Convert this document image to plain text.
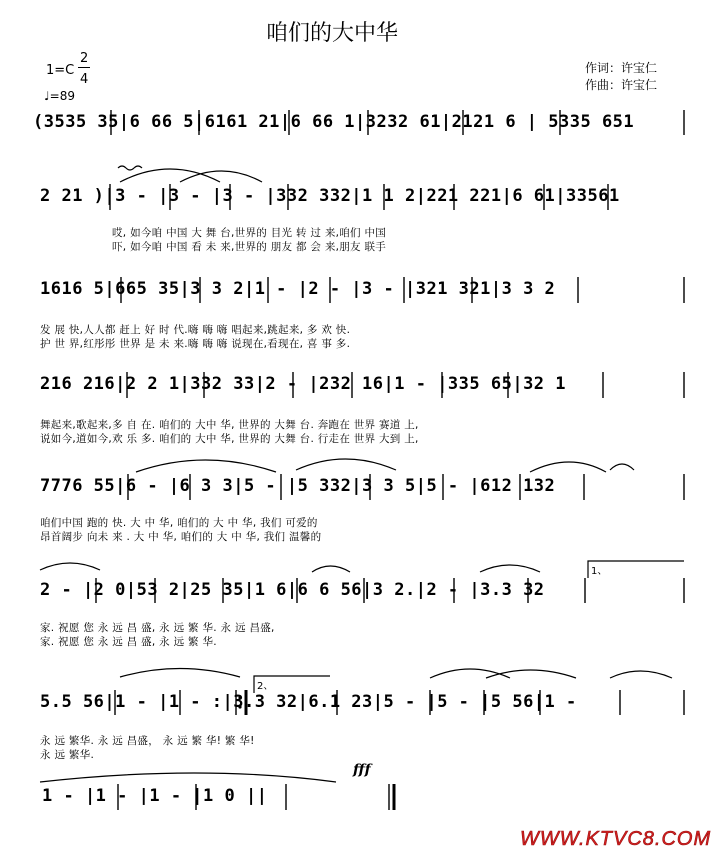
咱们的大中华
作词：许宝仁
作曲：许宝仁
1=C
2
4
♩=89
(3535 35|6 66 5|6161 21|6 66 1|3232 61|2121 6 | 5335 651
2 21 )|3 - |3 - |3 - |332 332|1 1 2|221 221|6 61|33561
哎, 如今咱 中国 大 舞 台,世界的 目光 转 过 来,咱们 中国
吓, 如今咱 中国 看 未 来,世界的 朋友 都 会 来,朋友 联手
1616 5|665 35|3 3 2|1 - |2 - |3 - |321 321|3 3 2
发 展 快,人人都 赶上 好 时 代.嗨 嗨 嗨 唱起来,跳起来, 多 欢 快.
护 世 界,红彤彤 世界 是 未 来.嗨 嗨 嗨 说现在,看现在, 喜 事 多.
216 216|2 2 1|332 33|2 - |232 16|1 - |335 65|32 1
舞起来,歌起来,多 自 在. 咱们的 大中 华, 世界的 大舞 台. 奔跑在 世界 赛道 上,
说如今,道如今,欢 乐 多. 咱们的 大中 华, 世界的 大舞 台. 行走在 世界 大到 上,
7776 55|6 - |6 3 3|5 - |5 332|3 3 5|5 - |612 132
咱们中国 跑的 快. 大 中 华, 咱们的 大 中 华, 我们 可爱的
昂首阔步 向未 来 . 大 中 华, 咱们的 大 中 华, 我们 温馨的
1、
2 - |2 0|53 2|25 35|1 6|6 6 56|3 2.|2 - |3.3 32
家. 祝愿 您 永 远 昌 盛, 永 远 繁 华. 永 远 昌盛,
家. 祝愿 您 永 远 昌 盛, 永 远 繁 华.
2、
5.5 56|1 - |1 - :|3.3 32|6.1 23|5 - |5 - |5 56|1 -
永 远 繁华. 永 远 昌盛， 永 远 繁 华! 繁 华!
永 远 繁华.
fff
1 - |1 - |1 - |1 0 ||
WWW.KTVC8.COM
